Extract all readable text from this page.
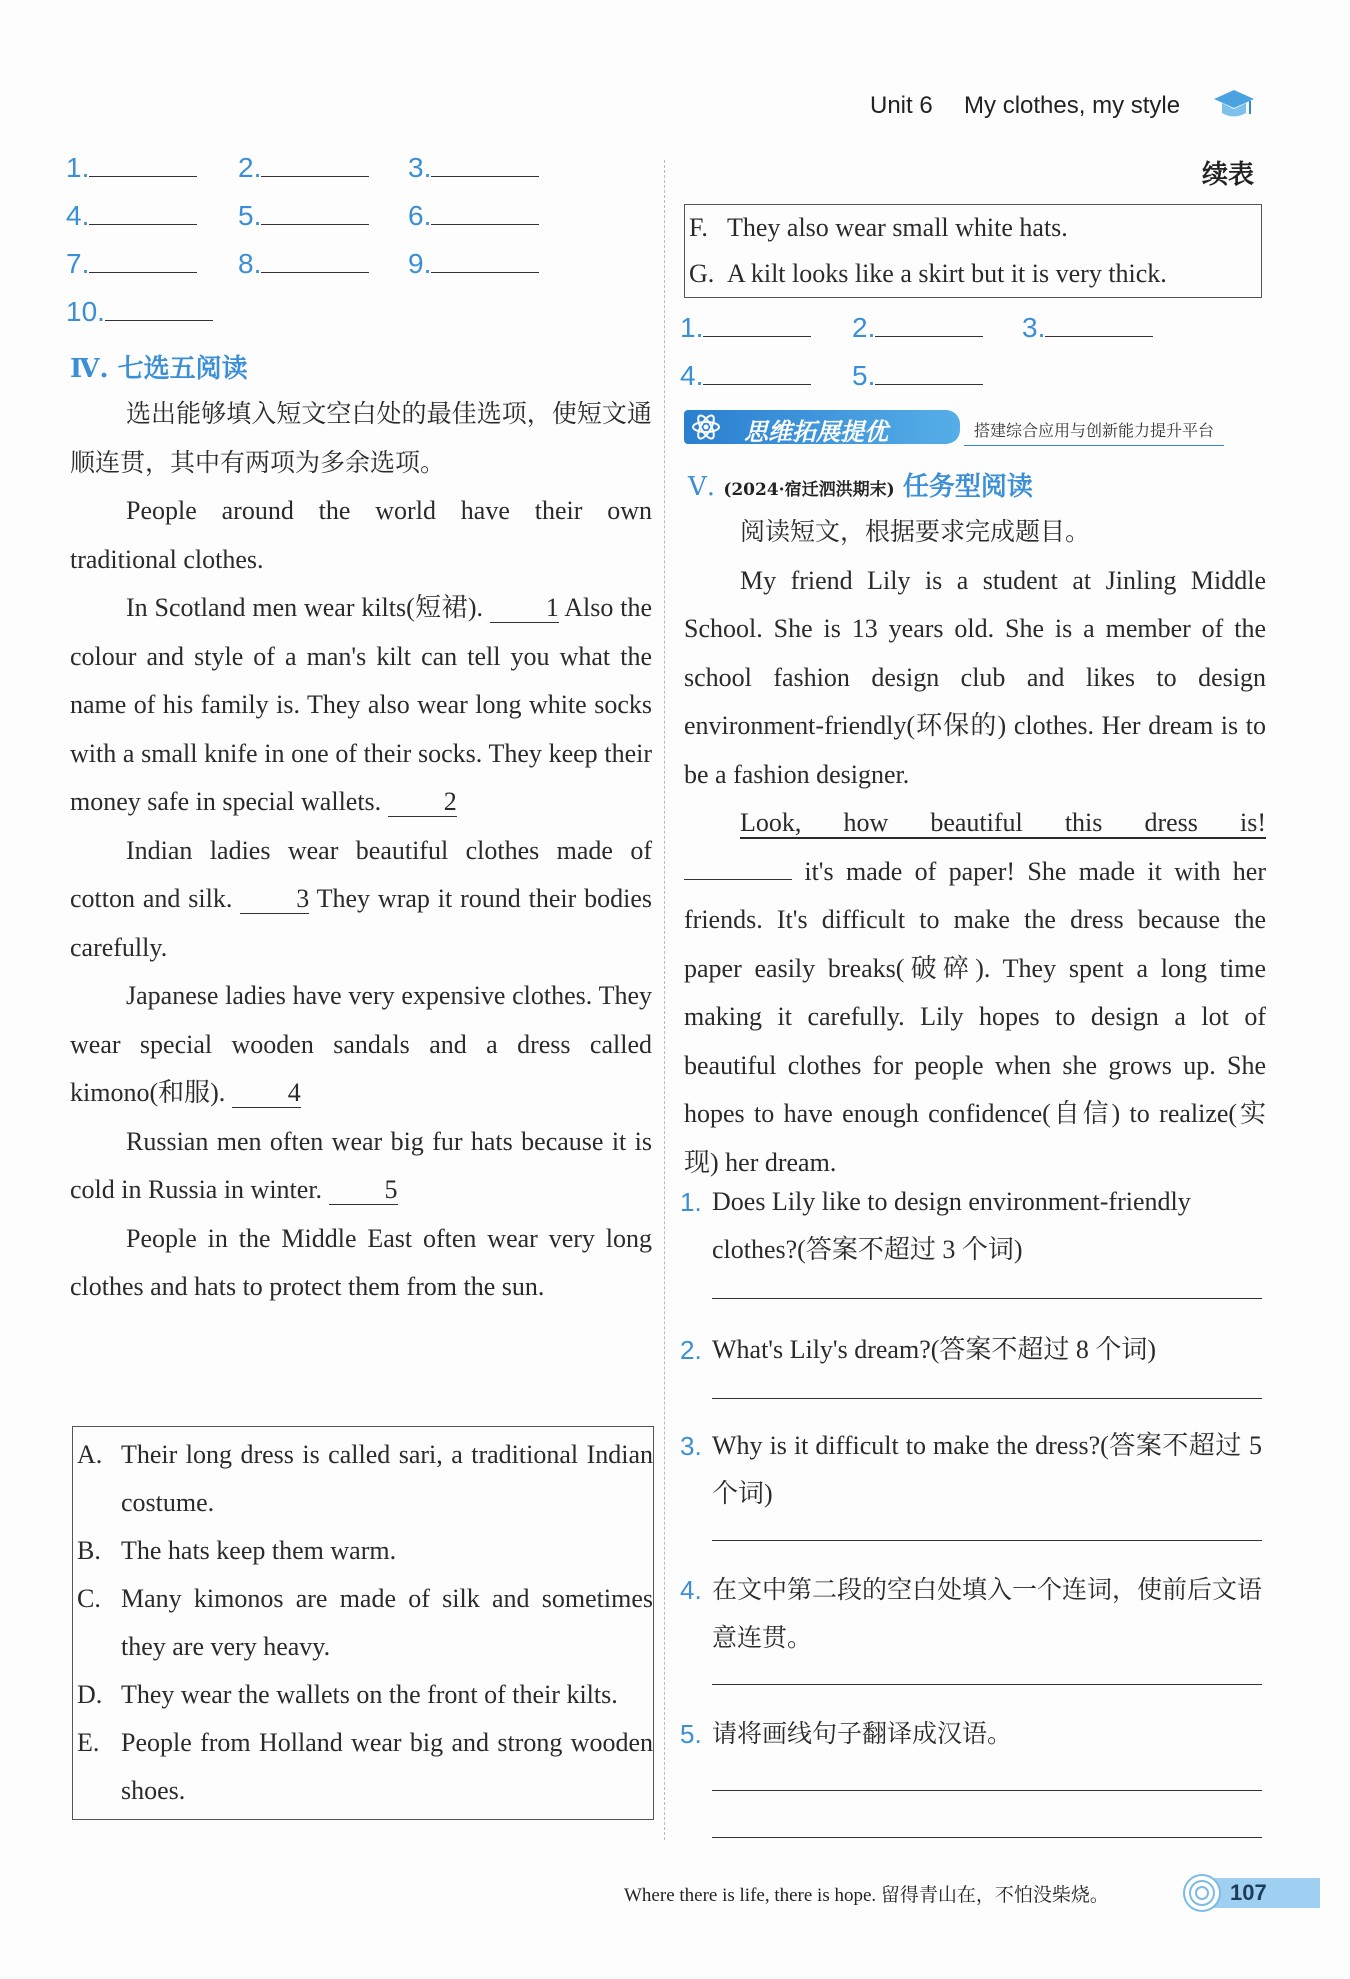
Unit 6 My clothes, my style
1.	2.	3.
4.	5.	6.
7.	8.	9.
10.
Ⅳ. 七选五阅读
选出能够填入短文空白处的最佳选项，使短文通顺连贯，其中有两项为多余选项。
People around the world have their own traditional clothes.
In Scotland men wear kilts(短裙). 1 Also the colour and style of a man's kilt can tell you what the name of his family is. They also wear long white socks with a small knife in one of their socks. They keep their money safe in special wallets. 2
Indian ladies wear beautiful clothes made of cotton and silk. 3 They wrap it round their bodies carefully.
Japanese ladies have very expensive clothes. They wear special wooden sandals and a dress called kimono(和服). 4
Russian men often wear big fur hats because it is cold in Russia in winter. 5
People in the Middle East often wear very long clothes and hats to protect them from the sun.
A. Their long dress is called sari, a traditional Indian costume.
B. The hats keep them warm.
C. Many kimonos are made of silk and sometimes they are very heavy.
D. They wear the wallets on the front of their kilts.
E. People from Holland wear big and strong wooden shoes.
续表
F. They also wear small white hats.
G. A kilt looks like a skirt but it is very thick.
1.	2.	3.
4.	5.
思维拓展提优	搭建综合应用与创新能力提升平台
Ⅴ. (2024·宿迁泗洪期末) 任务型阅读
阅读短文，根据要求完成题目。
My friend Lily is a student at Jinling Middle School. She is 13 years old. She is a member of the school fashion design club and likes to design environment-friendly(环保的) clothes. Her dream is to be a fashion designer.
Look, how beautiful this dress is!  it's made of paper! She made it with her friends. It's difficult to make the dress because the paper easily breaks(破碎). They spent a long time making it carefully. Lily hopes to design a lot of beautiful clothes for people when she grows up. She hopes to have enough confidence(自信) to realize(实现) her dream.
1. Does Lily like to design environment-friendly clothes?(答案不超过 3 个词)
2. What's Lily's dream?(答案不超过 8 个词)
3. Why is it difficult to make the dress?(答案不超过 5 个词)
4. 在文中第二段的空白处填入一个连词，使前后文语意连贯。
5. 请将画线句子翻译成汉语。
Where there is life, there is hope. 留得青山在，不怕没柴烧。	107
